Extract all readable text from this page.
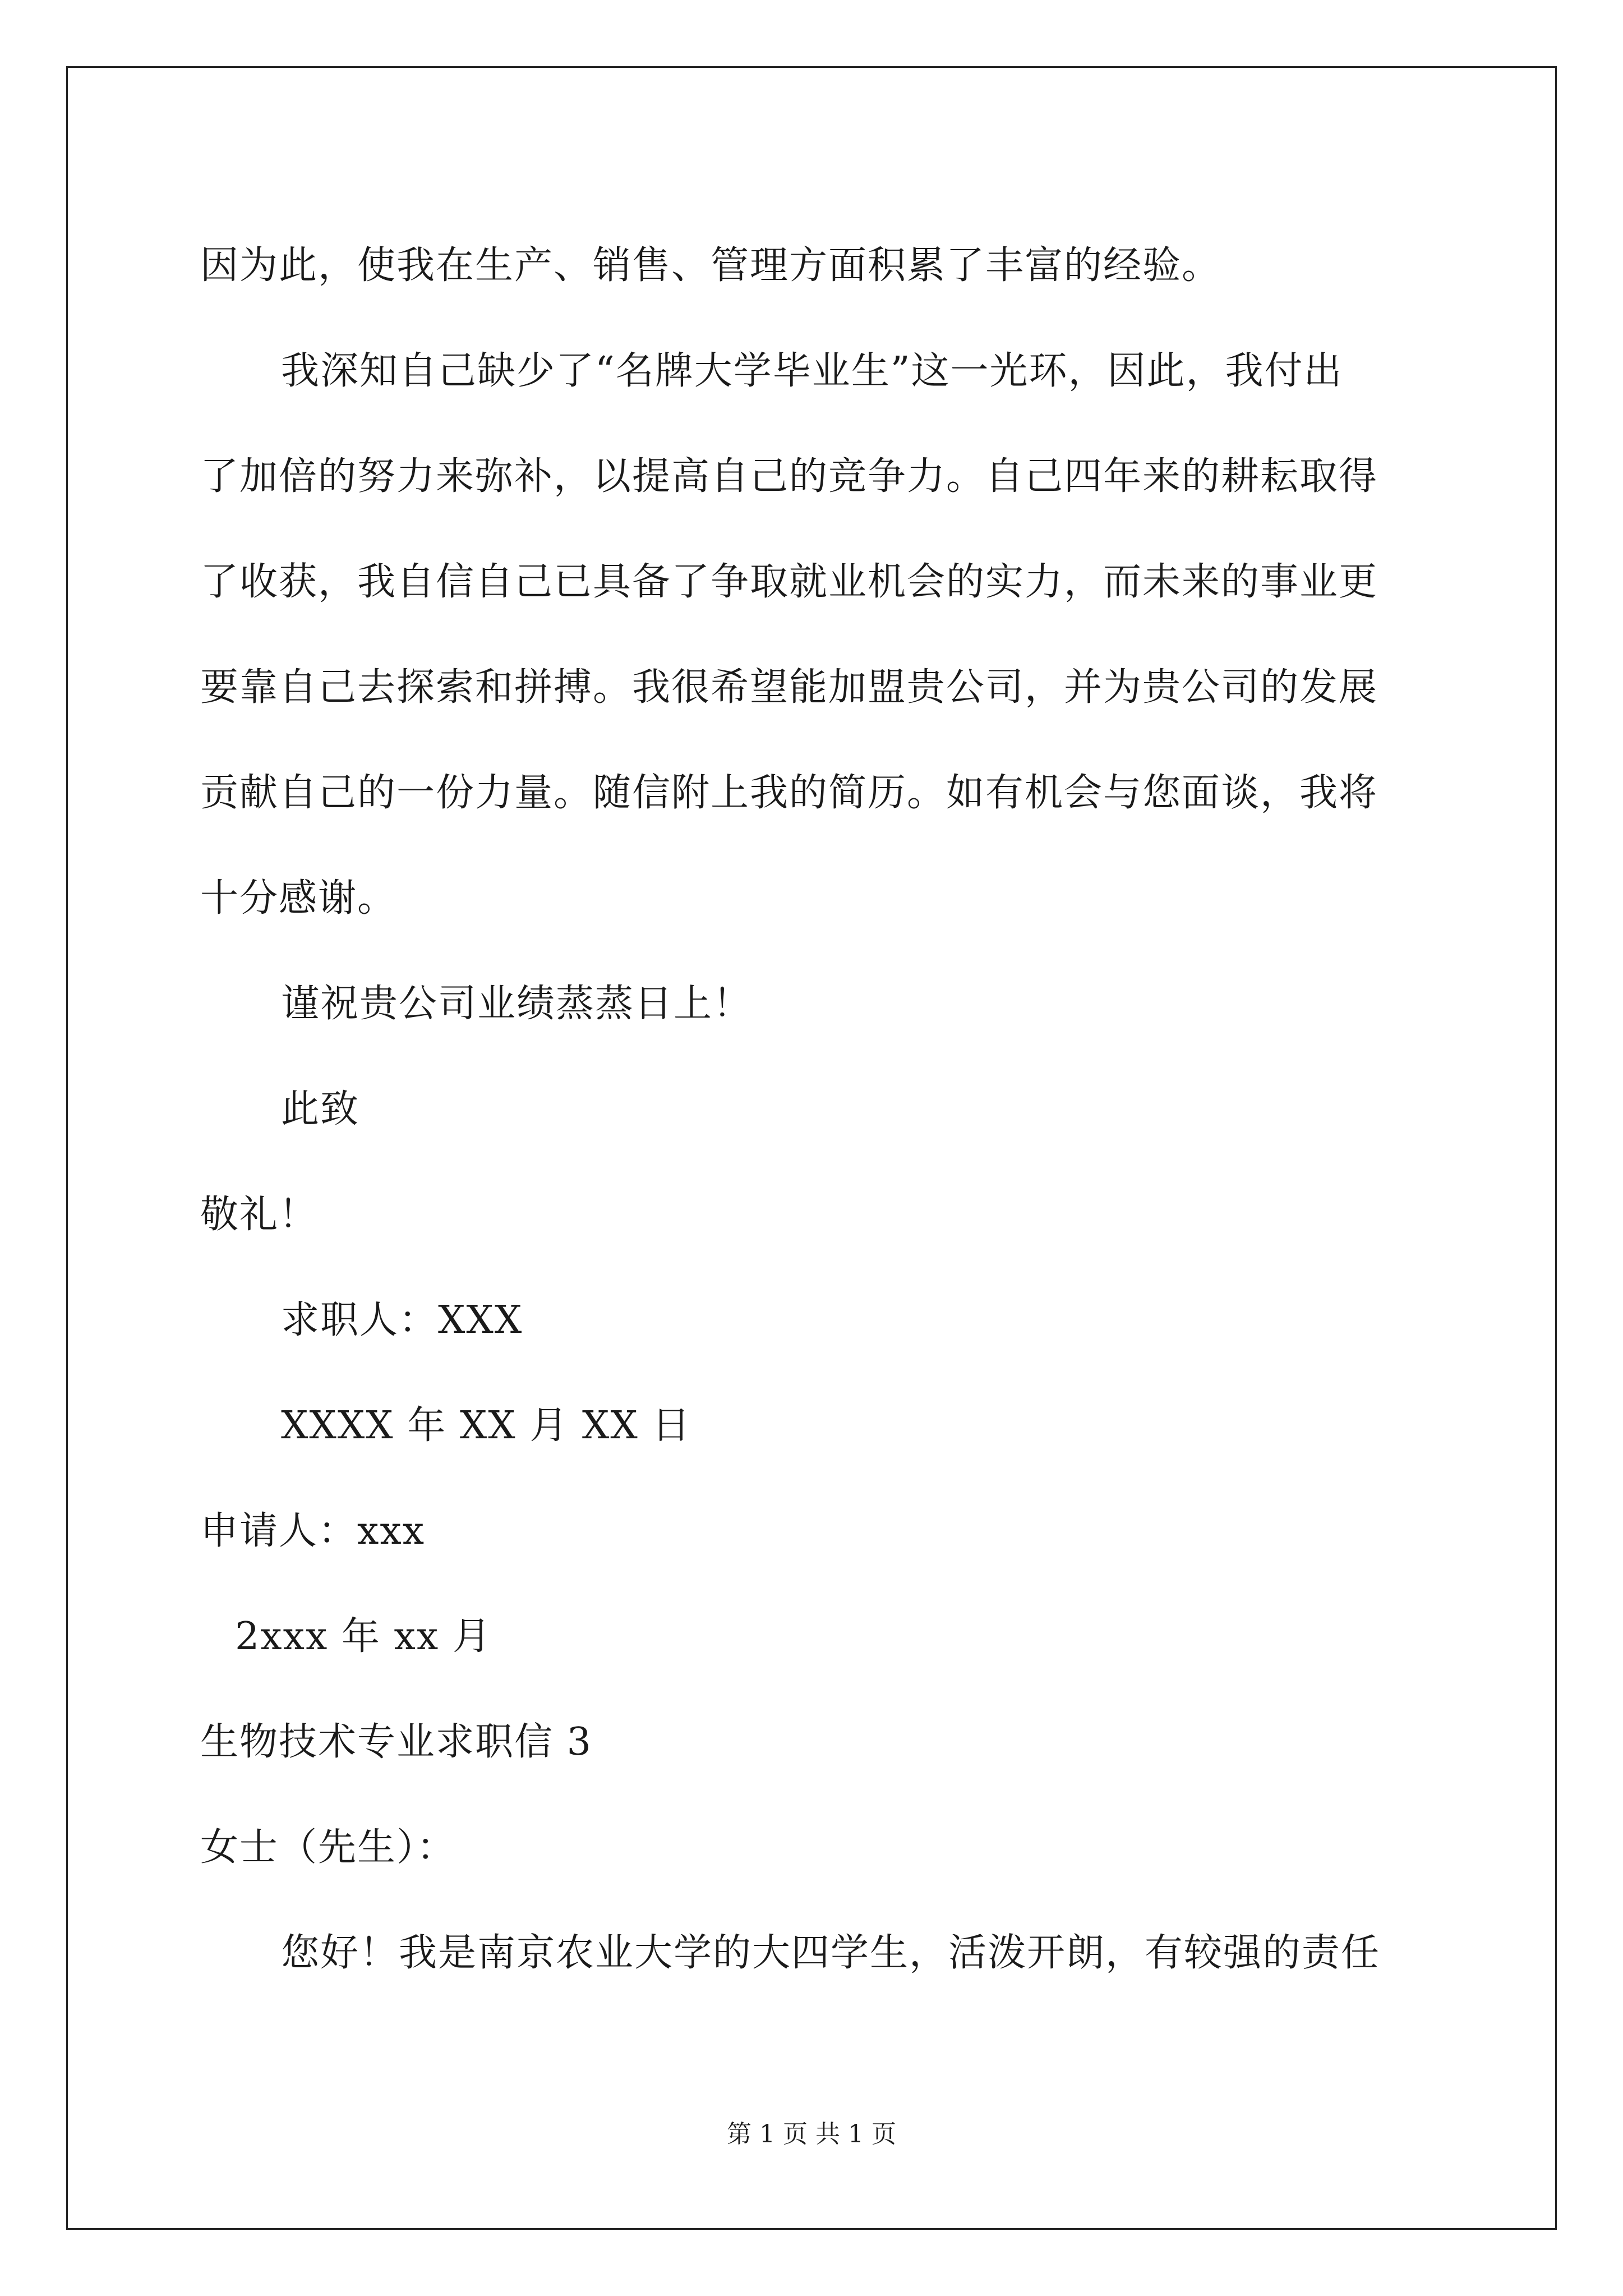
因为此，使我在生产、销售、管理方面积累了丰富的经验。
我深知自己缺少了“名牌大学毕业生”这一光环，因此，我付出
了加倍的努力来弥补，以提高自己的竞争力。自己四年来的耕耘取得
了收获，我自信自己已具备了争取就业机会的实力，而未来的事业更
要靠自己去探索和拼搏。我很希望能加盟贵公司，并为贵公司的发展
贡献自己的一份力量。随信附上我的简历。如有机会与您面谈，我将
十分感谢。
谨祝贵公司业绩蒸蒸日上！
此致
敬礼！
求职人：XXX
XXXX 年 XX 月 XX 日
申请人：xxx
2xxx 年 xx 月
生物技术专业求职信 3
女士（先生）：
您好！我是南京农业大学的大四学生，活泼开朗，有较强的责任
第 1 页 共 1 页
